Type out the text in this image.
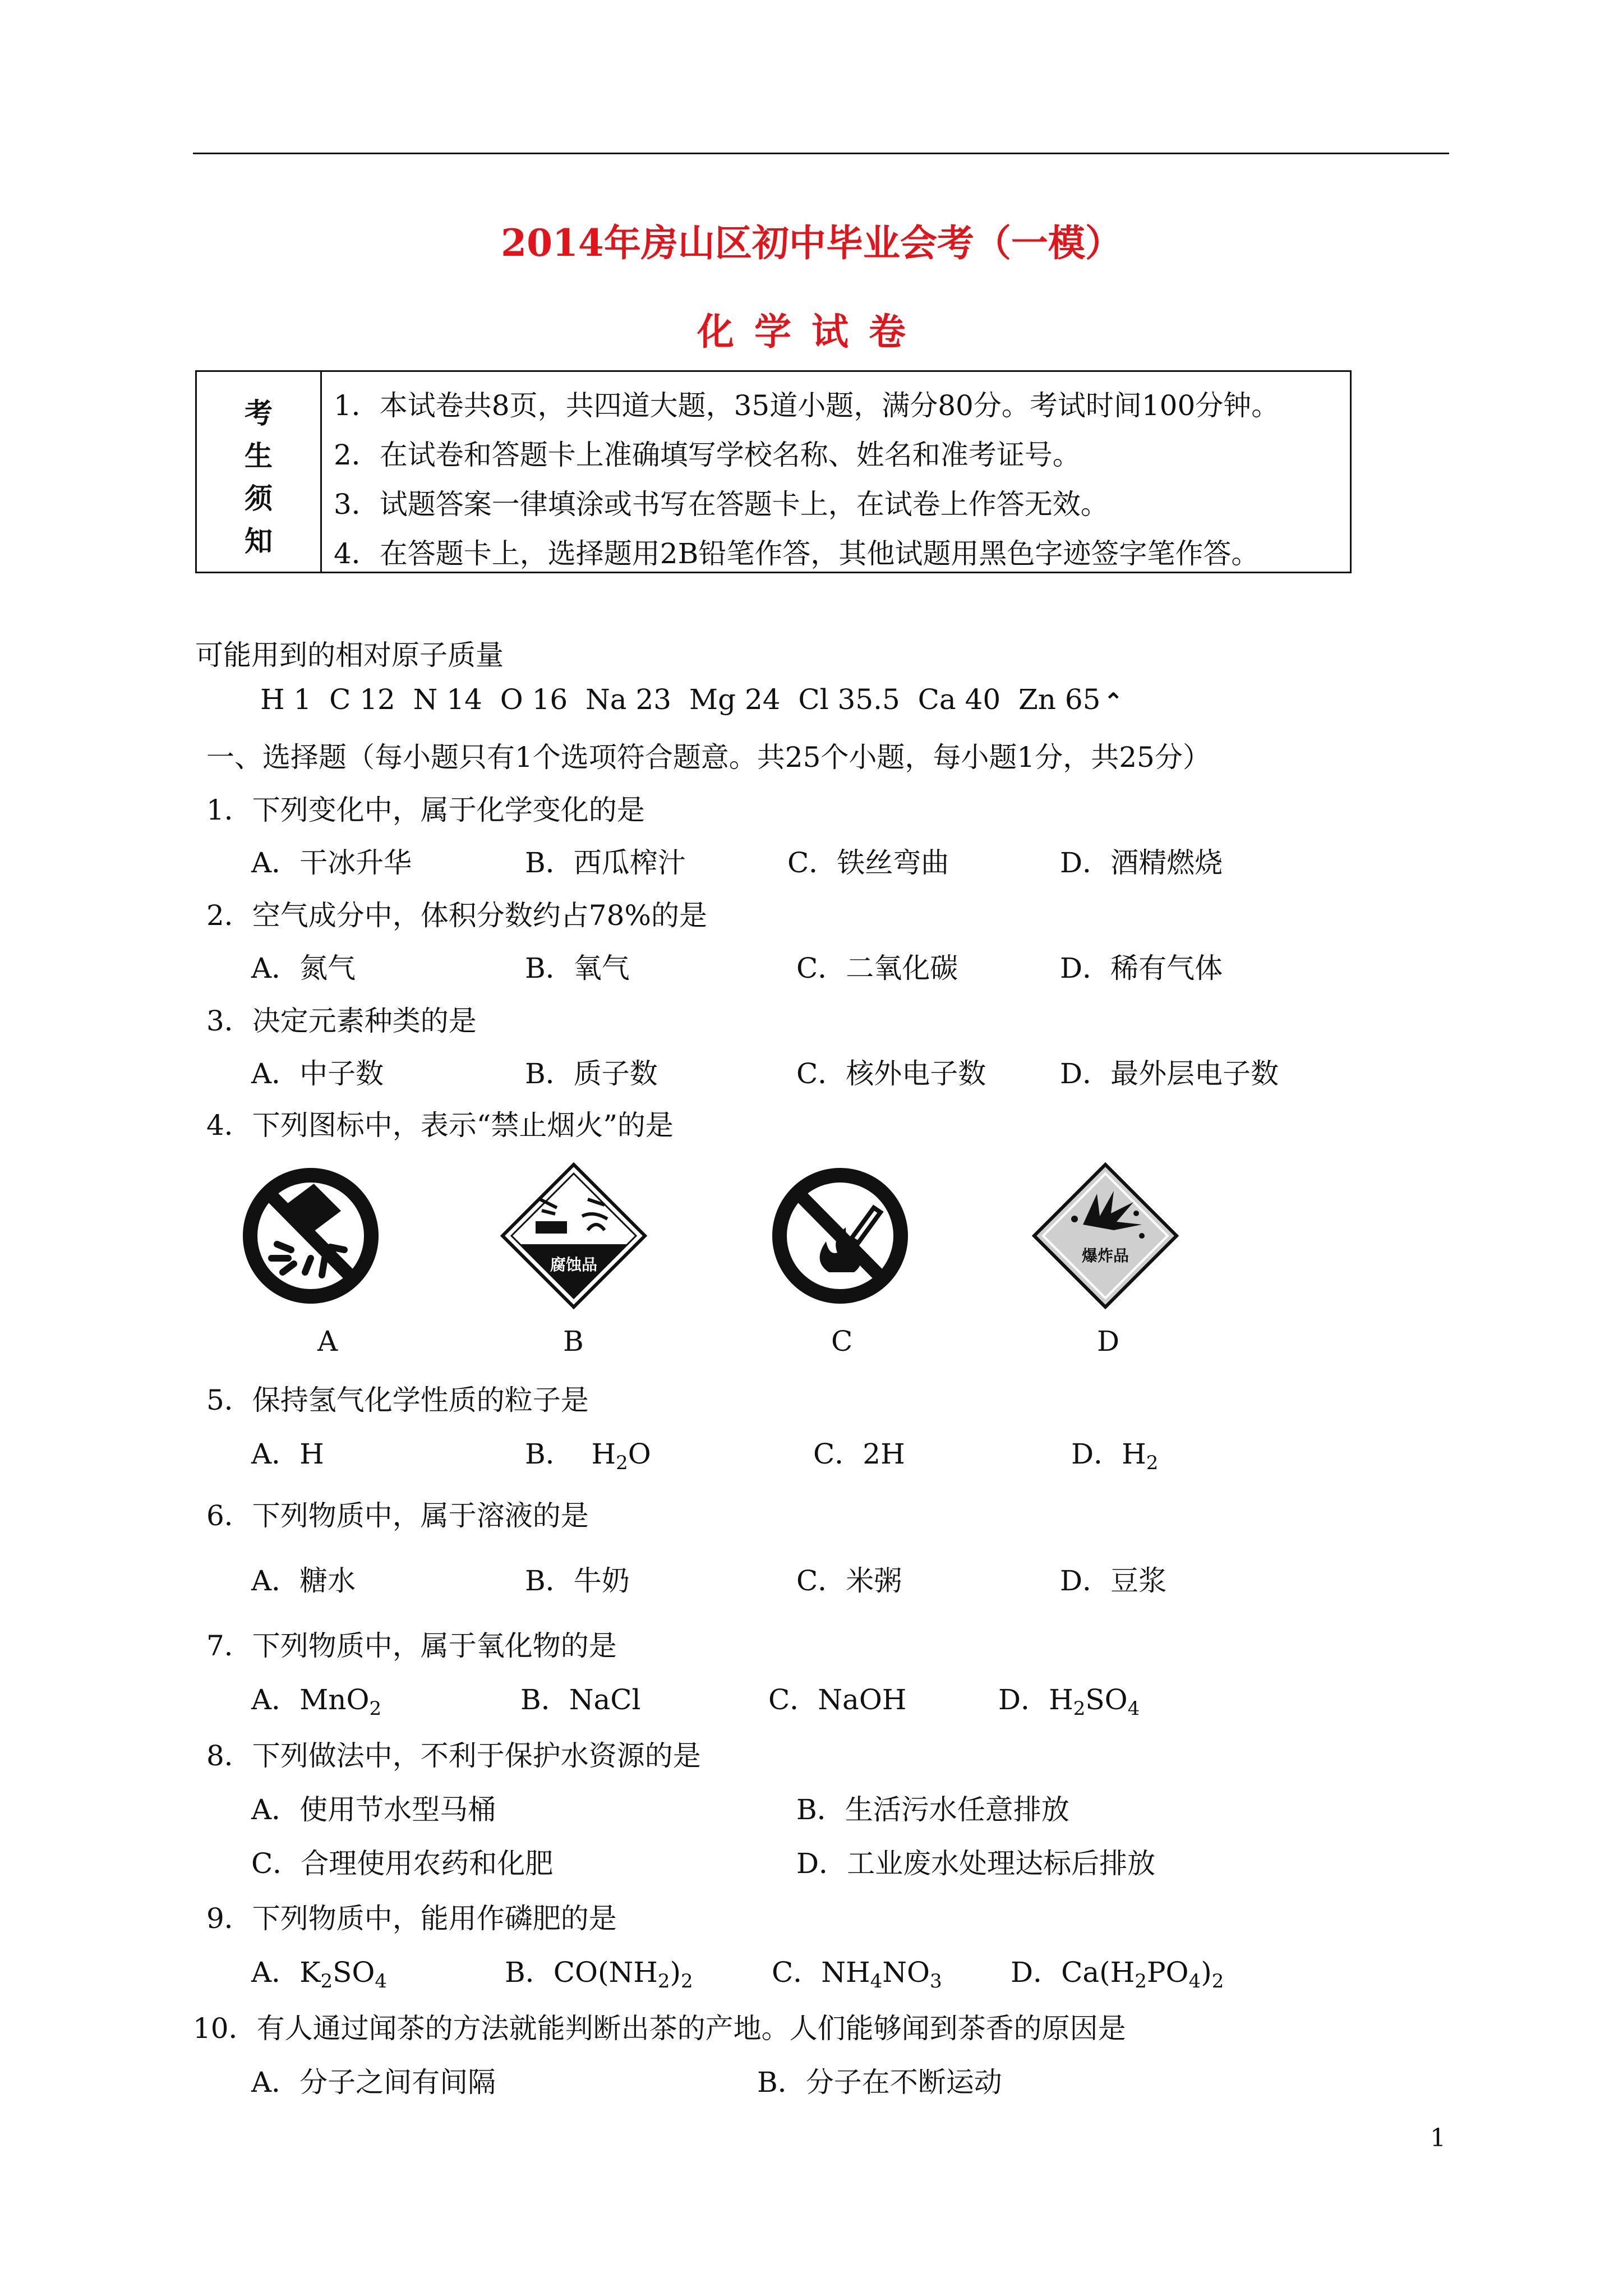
2014年房山区初中毕业会考（一模）
化学试卷
考
生
须
知
1．本试卷共8页，共四道大题，35道小题，满分80分。考试时间100分钟。
2．在试卷和答题卡上准确填写学校名称、姓名和准考证号。
3．试题答案一律填涂或书写在答题卡上，在试卷上作答无效。
4．在答题卡上，选择题用2B铅笔作答，其他试题用黑色字迹签字笔作答。
可能用到的相对原子质量
H 1  C 12  N 14  O 16  Na 23  Mg 24  Cl 35.5  Ca 40  Zn 65 ⌃
一、选择题（每小题只有1个选项符合题意。共25个小题，每小题1分，共25分）
1．下列变化中，属于化学变化的是
A．干冰升华	B．西瓜榨汁	C．铁丝弯曲	D．酒精燃烧
2．空气成分中，体积分数约占78%的是
A．氮气	B．氧气	C．二氧化碳	D．稀有气体
3．决定元素种类的是
A．中子数	B．质子数	C．核外电子数	D．最外层电子数
4．下列图标中，表示“禁止烟火”的是
腐蚀品	爆炸品
A	B	C	D
5．保持氢气化学性质的粒子是
A．H	B．  $H_2O$	C．2H	D．$H_2$
6．下列物质中，属于溶液的是
A．糖水	B．牛奶	C．米粥	D．豆浆
7．下列物质中，属于氧化物的是
A．MnO$_2$	B．NaCl	C．NaOH	D．$H_2SO_4$
8．下列做法中，不利于保护水资源的是
A．使用节水型马桶	B．生活污水任意排放
C．合理使用农药和化肥	D．工业废水处理达标后排放
9．下列物质中，能用作磷肥的是
A．$K_2SO_4$	B．$CO(NH_2)_2$	C．$NH_4NO_3$ D．$Ca(H_2PO_4)_2$
10．有人通过闻茶的方法就能判断出茶的产地。人们能够闻到茶香的原因是
A．分子之间有间隔	B．分子在不断运动
1
